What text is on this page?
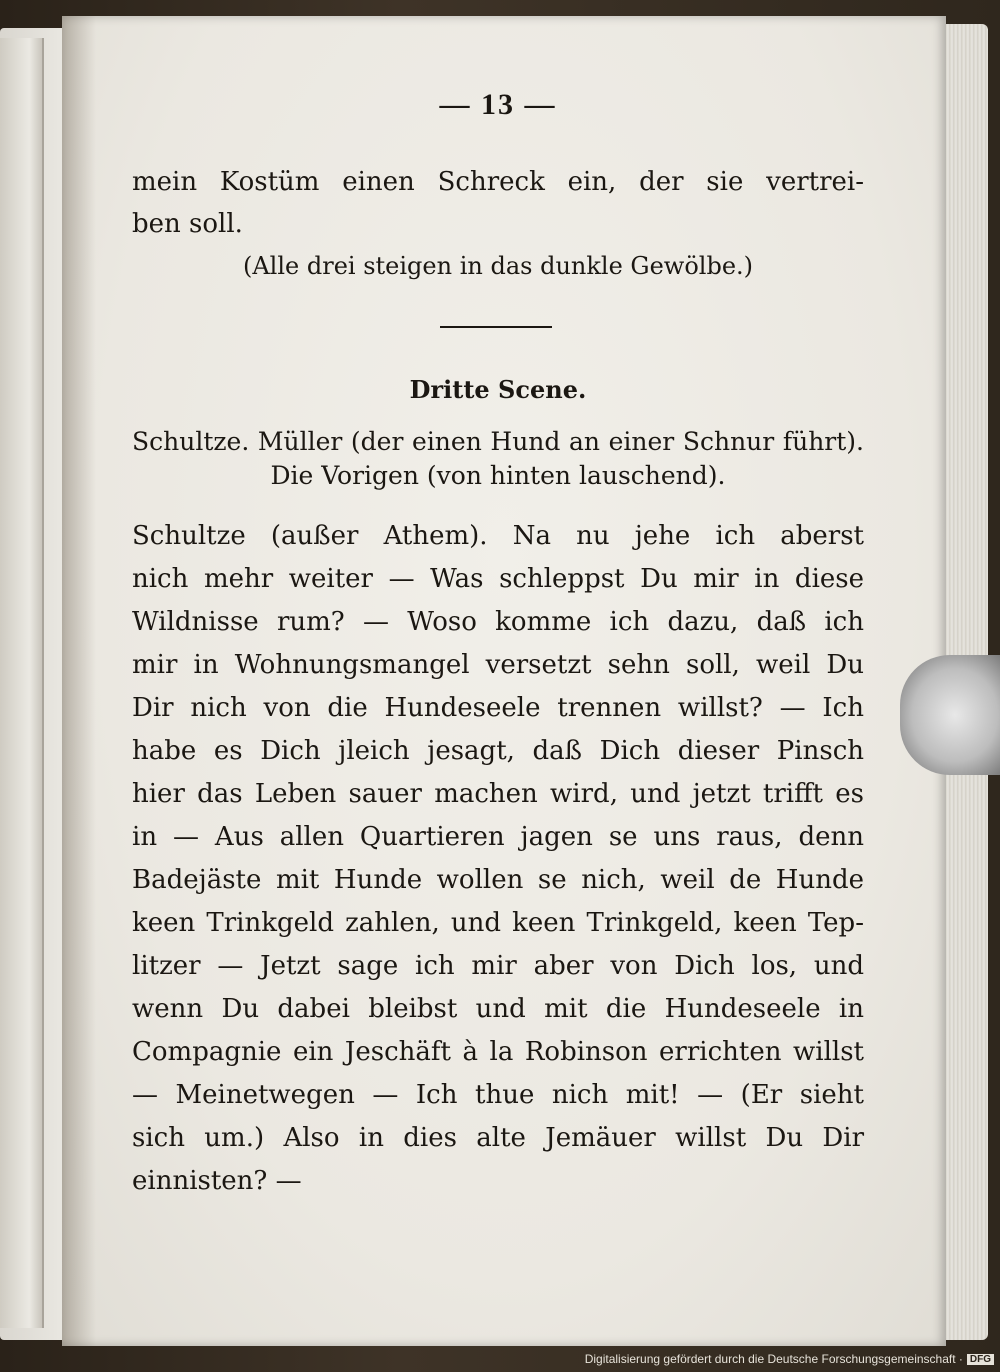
— 13 —
mein Kostüm einen Schreck ein, der sie vertrei-
ben soll.
(Alle drei steigen in das dunkle Gewölbe.)
Dritte Scene.
Schultze. Müller (der einen Hund an einer Schnur führt).
Die Vorigen (von hinten lauschend).
Schultze (außer Athem). Na nu jehe ich aberst
nich mehr weiter — Was schleppst Du mir in diese
Wildnisse rum? — Woso komme ich dazu, daß ich
mir in Wohnungsmangel versetzt sehn soll, weil Du
Dir nich von die Hundeseele trennen willst? — Ich
habe es Dich jleich jesagt, daß Dich dieser Pinsch
hier das Leben sauer machen wird, und jetzt trifft es
in — Aus allen Quartieren jagen se uns raus, denn
Badejäste mit Hunde wollen se nich, weil de Hunde
keen Trinkgeld zahlen, und keen Trinkgeld, keen Tep-
litzer — Jetzt sage ich mir aber von Dich los, und
wenn Du dabei bleibst und mit die Hundeseele in
Compagnie ein Jeschäft à la Robinson errichten willst
— Meinetwegen — Ich thue nich mit! — (Er sieht
sich um.) Also in dies alte Jemäuer willst Du Dir
einnisten? —
Digitalisierung gefördert durch die Deutsche Forschungsgemeinschaft · DFG
